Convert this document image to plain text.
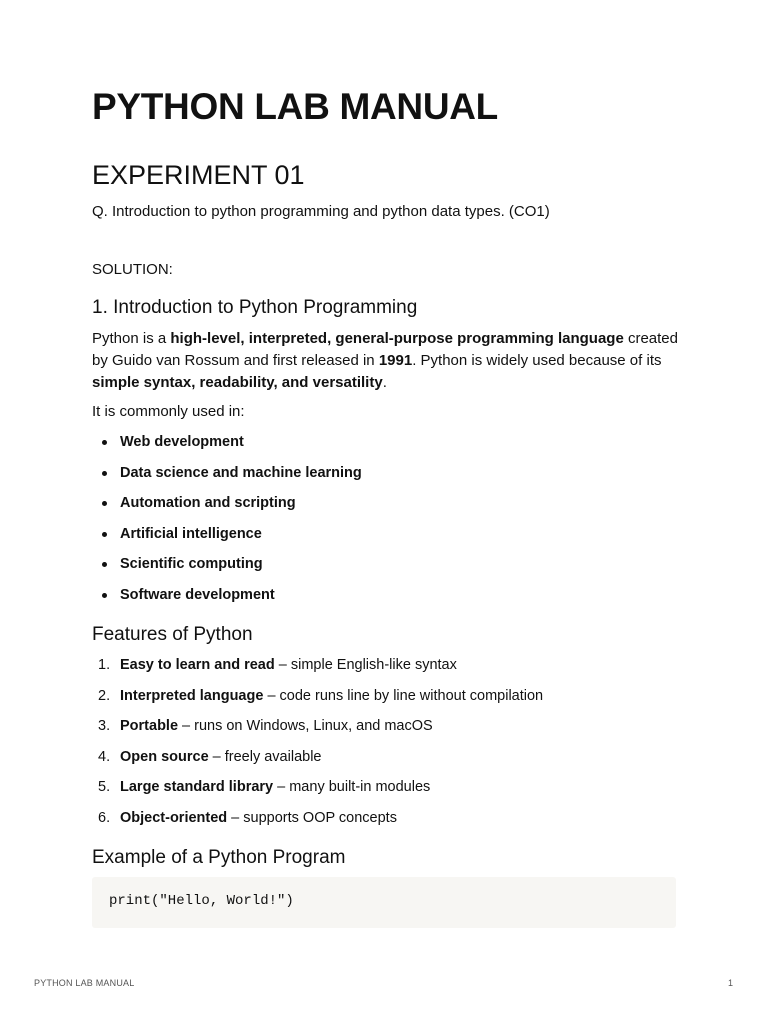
PYTHON LAB MANUAL
EXPERIMENT 01

Q. Introduction to python programming and python data types. (CO1)

SOLUTION:

1. Introduction to Python Programming

Python is a high-level, interpreted, general-purpose programming language created by Guido van Rossum and first released in 1991. Python is widely used because of its simple syntax, readability, and versatility.

It is commonly used in:

Web development
Data science and machine learning
Automation and scripting
Artificial intelligence
Scientific computing
Software development
Features of Python
1. Easy to learn and read – simple English-like syntax
2. Interpreted language – code runs line by line without compilation
3. Portable – runs on Windows, Linux, and macOS
4. Open source – freely available
5. Large standard library – many built-in modules
6. Object-oriented – supports OOP concepts
Example of a Python Program
print("Hello, World!")
PYTHON LAB MANUAL	1
